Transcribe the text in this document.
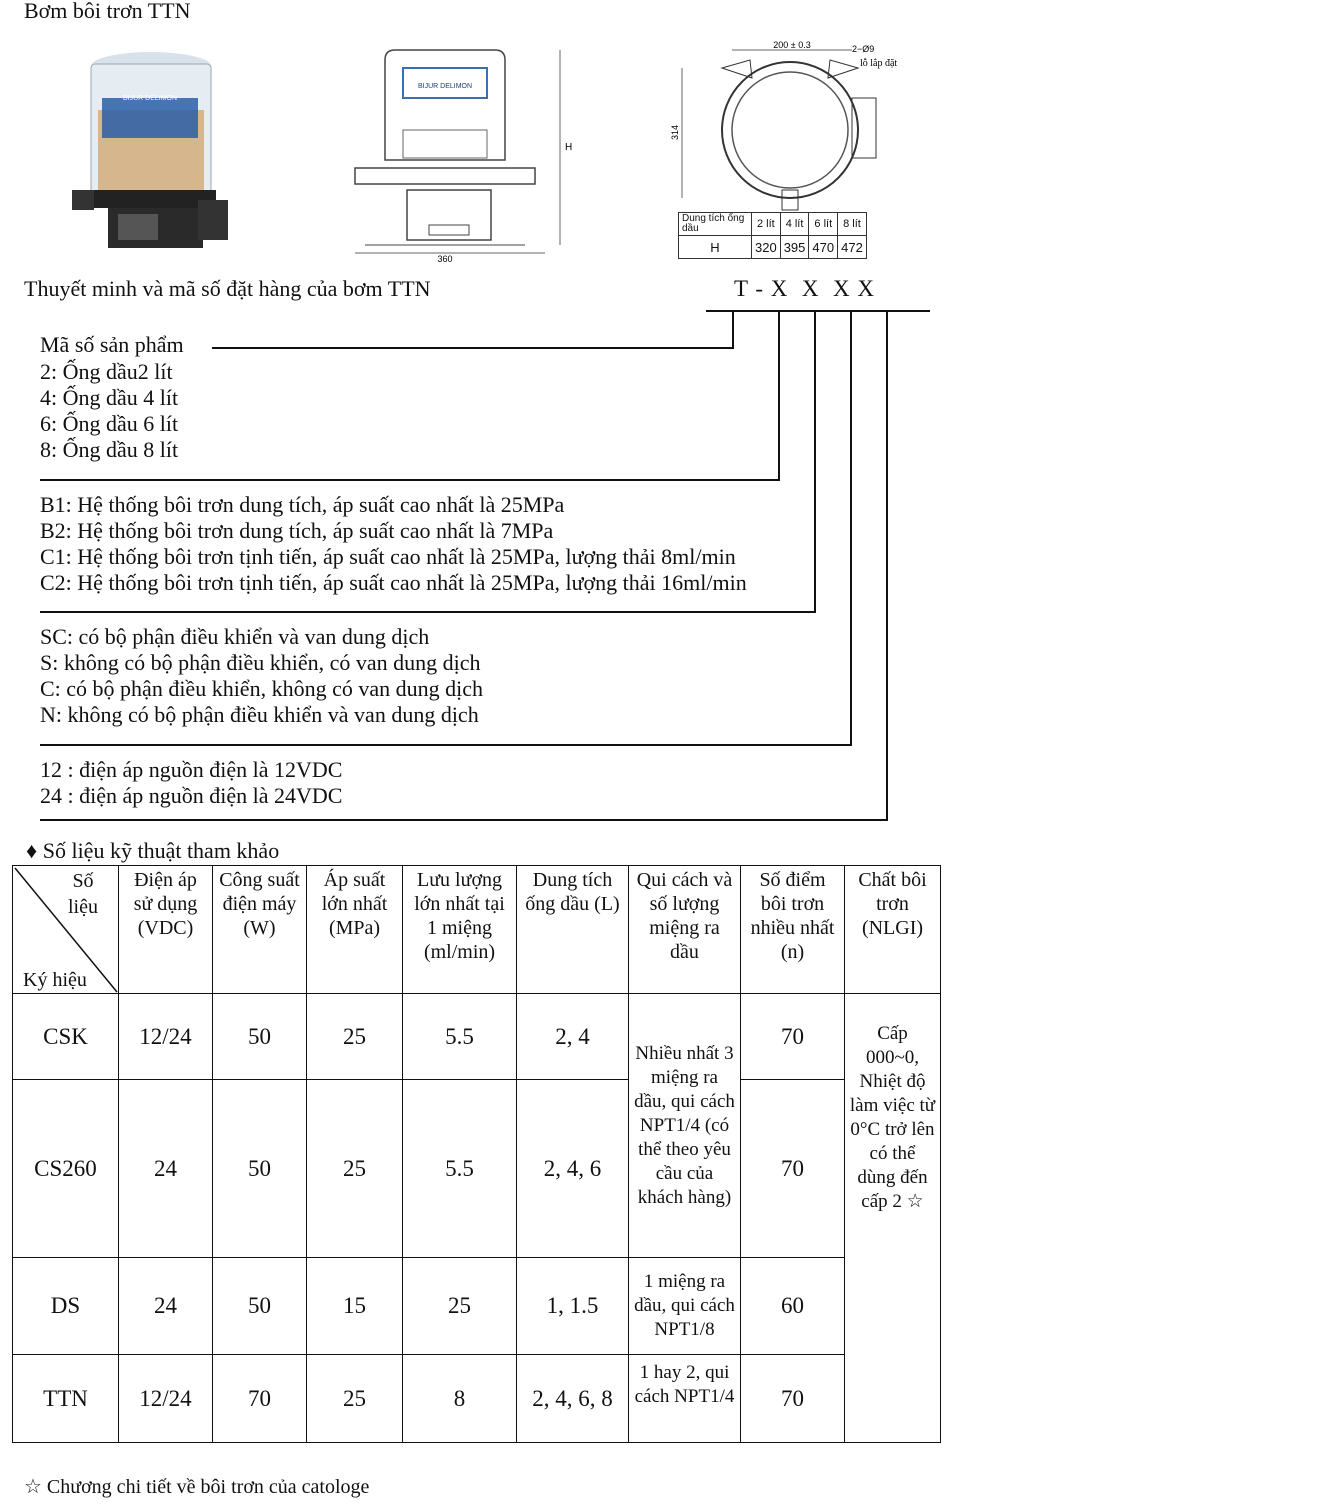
Bơm bôi trơn TTN
BIJUR DELIMON
BIJUR DELIMON
H
360
200 ± 0.3	2−Ø9
lỗ lắp đặt
314
Dung tích ống dầu	2 lít	4 lít	6 lít	8 lít
H	320	395	470	472
Thuyết minh và mã số đặt hàng của bơm TTN	T - X  X  X X
Mã số sản phẩm
2: Ống dầu2 lít
4: Ống dầu 4 lít
6: Ống dầu 6 lít
8: Ống dầu 8 lít
B1: Hệ thống bôi trơn dung tích, áp suất cao nhất là 25MPa
B2: Hệ thống bôi trơn dung tích, áp suất cao nhất là 7MPa
C1: Hệ thống bôi trơn tịnh tiến, áp suất cao nhất là 25MPa, lượng thải 8ml/min
C2: Hệ thống bôi trơn tịnh tiến, áp suất cao nhất là 25MPa, lượng thải 16ml/min
SC: có bộ phận điều khiển và van dung dịch
S: không có bộ phận điều khiển, có van dung dịch
C: có bộ phận điều khiển, không có van dung dịch
N: không có bộ phận điều khiển và van dung dịch
12 : điện áp nguồn điện là 12VDC
24 : điện áp nguồn điện là 24VDC
♦ Số liệu kỹ thuật tham khảo
Số liệu
Ký hiệu	Điện áp sử dụng (VDC)	Công suất điện máy (W)	Áp suất lớn nhất (MPa)	Lưu lượng lớn nhất tại 1 miệng (ml/min)	Dung tích ống dầu (L)	Qui cách và số lượng miệng ra dầu	Số điểm bôi trơn nhiều nhất (n)	Chất bôi trơn (NLGI)
CSK	12/24	50	25	5.5	2, 4	Nhiều nhất 3 miệng ra dầu, qui cách NPT1/4 (có thể theo yêu cầu của khách hàng)	70	Cấp 000~0, Nhiệt độ làm việc từ 0°C trở lên có thể dùng đến cấp 2 ☆
CS260	24	50	25	5.5	2, 4, 6		70	
DS	24	50	15	25	1, 1.5	1 miệng ra dầu, qui cách NPT1/8	60	
TTN	12/24	70	25	8	2, 4, 6, 8	1 hay 2, qui cách NPT1/4	70	
☆ Chương chi tiết về bôi trơn của catologe
